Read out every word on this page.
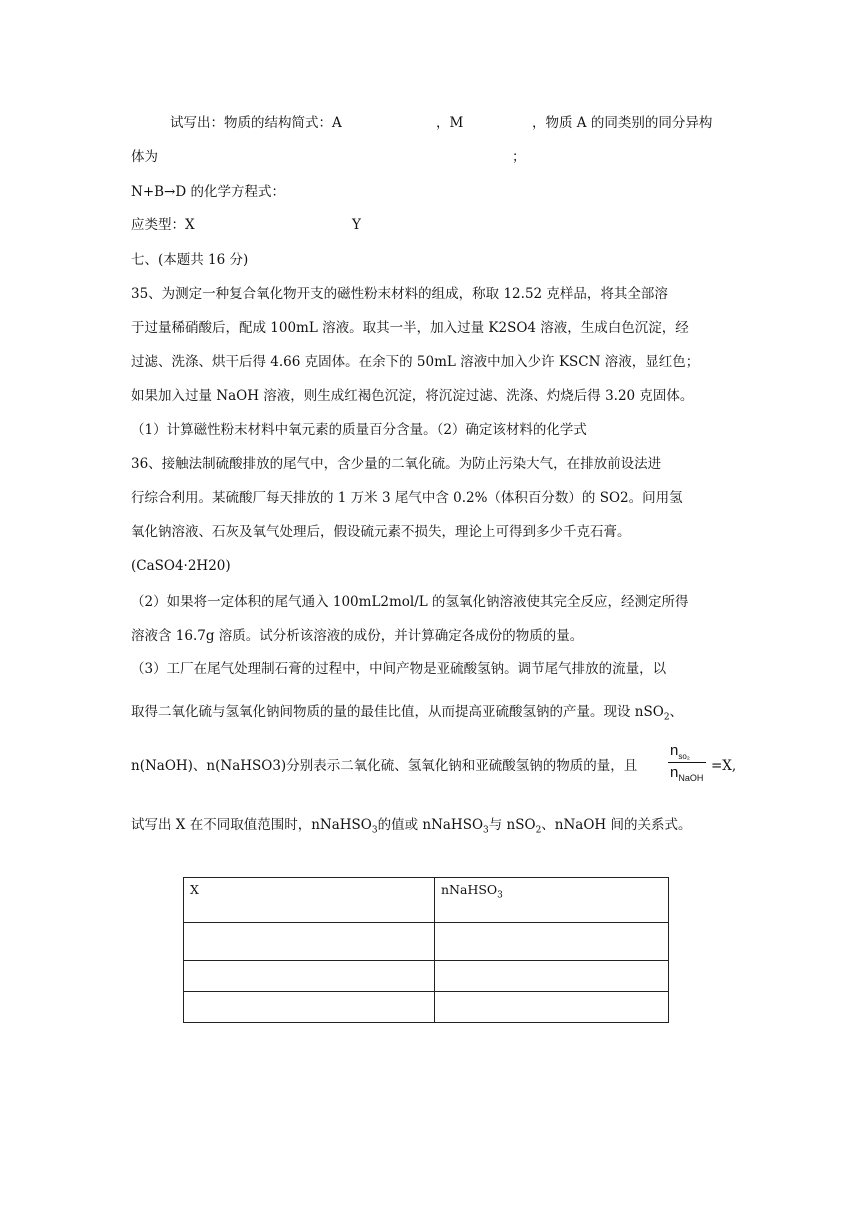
试写出：物质的结构简式：A	，M	，物质 A 的同类别的同分异构
体为	；
N+B→D 的化学方程式：
应类型：X	Y
七、(本题共 16 分)
35、为测定一种复合氧化物开支的磁性粉末材料的组成，称取 12.52 克样品，将其全部溶
于过量稀硝酸后，配成 100mL 溶液。取其一半，加入过量 K2SO4 溶液，生成白色沉淀，经
过滤、洗涤、烘干后得 4.66 克固体。在余下的 50mL 溶液中加入少许 KSCN 溶液，显红色；
如果加入过量 NaOH 溶液，则生成红褐色沉淀，将沉淀过滤、洗涤、灼烧后得 3.20 克固体。
（1）计算磁性粉末材料中氧元素的质量百分含量。（2）确定该材料的化学式
36、接触法制硫酸排放的尾气中，含少量的二氧化硫。为防止污染大气，在排放前设法进
行综合利用。某硫酸厂每天排放的 1 万米 3 尾气中含 0.2%（体积百分数）的 SO2。问用氢
氧化钠溶液、石灰及氧气处理后，假设硫元素不损失，理论上可得到多少千克石膏。
(CaSO4·2H20)
（2）如果将一定体积的尾气通入 100mL2mol/L 的氢氧化钠溶液使其完全反应，经测定所得
溶液含 16.7g 溶质。试分析该溶液的成份，并计算确定各成份的物质的量。
（3）工厂在尾气处理制石膏的过程中，中间产物是亚硫酸氢钠。调节尾气排放的流量，以
取得二氧化硫与氢氧化钠间物质的量的最佳比值，从而提高亚硫酸氢钠的产量。现设 nSO$_2$、
n(NaOH)、n(NaHSO3)分别表示二氧化硫、氢氧化钠和亚硫酸氢钠的物质的量，且
$n_{so_2}$
$n_{NaOH}$
=X,
试写出 X 在不同取值范围时，nNaHSO$_3$的值或 nNaHSO$_3$与 nSO$_2$、nNaOH 间的关系式。
X	nNaHSO$_3$
